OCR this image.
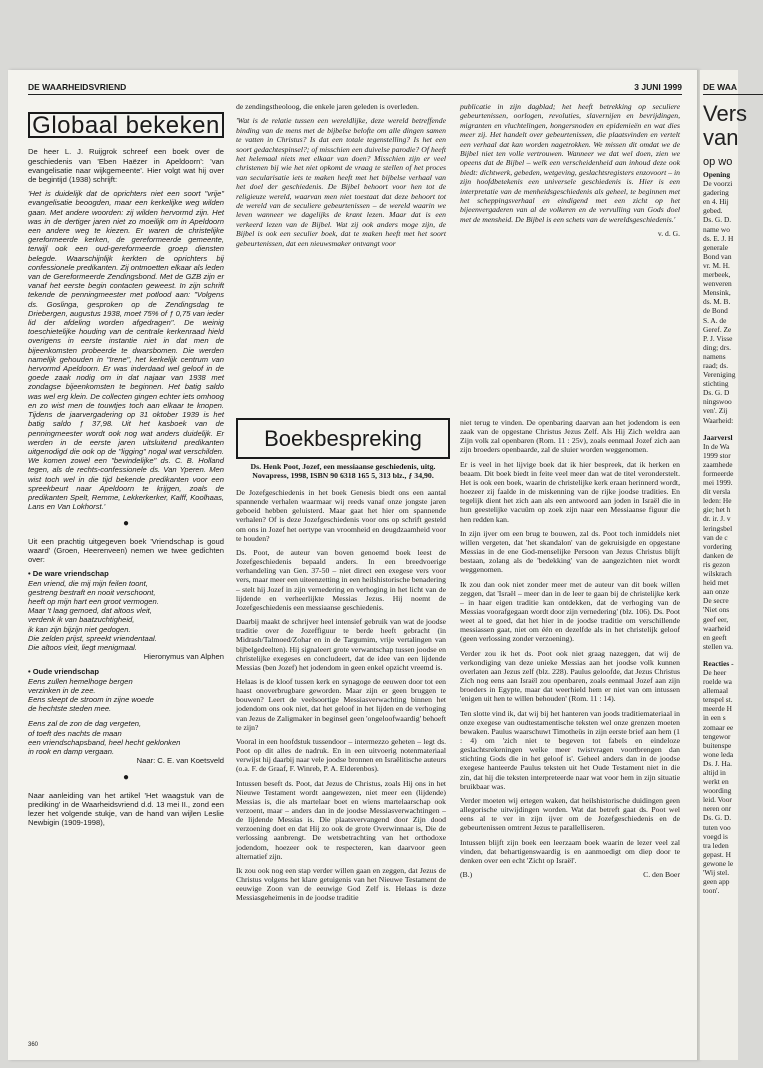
DE WAARHEIDSVRIEND	3 JUNI 1999
Globaal bekeken

De heer L. J. Ruijgrok schreef een boek over de geschiedenis van 'Eben Haëzer in Apeldoorn': 'van evangelisatie naar wijkgemeente'. Hier volgt wat hij over de begintijd (1938) schrijft:

'Het is duidelijk dat de oprichters niet een soort "vrije" evangelisatie beoogden, maar een kerkelijke weg wilden gaan. Met andere woorden: zij wilden hervormd zijn. Het was in de dertiger jaren niet zo moeilijk om in Apeldoorn een andere weg te kiezen. Er waren de christelijke gereformeerde kerken, de gereformeerde gemeente, terwijl ook een oud-gereformeerde groep diensten belegde. Waarschijnlijk kerkten de oprichters bij confessionele predikanten. Zij ontmoetten elkaar als leden van de Gereformeerde Zendingsbond. Met de GZB zijn er vanaf het eerste begin contacten geweest. In zijn schrift tekende de penningmeester met potlood aan: "Volgens ds. Goslinga, gesproken op de Zendingsdag te Driebergen, augustus 1938, moet 75% of ƒ 0,75 van ieder lid der afdeling worden afgedragen". De weinig toeschietelijke houding van de centrale kerkenraad hield overigens in eerste instantie niet in dat men de bijeenkomsten probeerde te dwarsbomen. Die werden namelijk gehouden in "Irene", het kerkelijk centrum van hervormd Apeldoorn. Er was inderdaad wel geloof in de goede zaak nodig om in dat najaar van 1938 met zondagse bijeenkomsten te beginnen. Het batig saldo was wel erg klein. De collecten gingen echter iets omhoog en zo wist men de touwtjes toch aan elkaar te knopen. Tijdens de jaarvergadering op 31 oktober 1939 is het batig saldo ƒ 37,98. Uit het kasboek van de penningmeester wordt ook nog wat anders duidelijk. Er werden in de eerste jaren uitsluitend predikanten uitgenodigd die ook op de "ligging" nogal wat verschilden. We komen zowel een "bevindelijke" ds. C. B. Holland tegen, als de rechts-confessionele ds. Van Yperen. Men wist toch wel in die tijd bekende predikanten voor een spreekbeurt naar Apeldoorn te krijgen, zoals de predikanten Spelt, Remme, Lekkerkerker, Kalff, Koolhaas, Lans en Van Lokhorst.'

●

Uit een prachtig uitgegeven boek 'Vriendschap is goud waard' (Groen, Heerenveen) nemen we twee gedichten over:

• De ware vriendschap
Een vriend, die mij mijn feilen toont,
gestreng bestraft en nooit verschoont,
heeft op mijn hart een groot vermogen.
Maar 't laag gemoed, dat altoos vleit,
verdenk ik van baatzuchtigheid,
ik kan zijn bijzijn niet gedogen.
Die zelden prijst, spreekt vriendentaal.
Die altoos vleit, liegt menigmaal.
Hieronymus van Alphen
• Oude vriendschap
Eens zullen hemelhoge bergen
verzinken in de zee.
Eens sleept de stroom in zijne woede
de hechtste steden mee.
Eens zal de zon de dag vergeten,
of toeft des nachts de maan
een vriendschapsband, heel hecht geklonken
in rook en damp vergaan.
Naar: C. E. van Koetsveld
●

Naar aanleiding van het artikel 'Het waagstuk van de prediking' in de Waarheidsvriend d.d. 13 mei II., zond een lezer het volgende stukje, van de hand van wijlen Leslie Newbigin (1909-1998),

de zendingstheoloog, die enkele jaren geleden is overleden.

'Wat is de relatie tussen een wereldlijke, deze wereld betreffende binding van de mens met de bijbelse belofte om alle dingen samen te vatten in Christus? Is dat een totale tegenstelling? Is het een soort gedachtespinsel?; of misschien een duivelse parodie? Of heeft het helemaal niets met elkaar van doen? Misschien zijn er veel christenen bij wie het niet opkomt de vraag te stellen of het proces van secularisatie iets te maken heeft met het bijbelse verhaal van het doel der geschiedenis. De Bijbel behoort voor hen tot de religieuze wereld, waarvan men niet toestaat dat deze behoort tot de wereld van de seculiere gebeurtenissen – de wereld waarin we leven wanneer we dagelijks de krant lezen. Maar dat is een verkeerd lezen van de Bijbel. Wat zij ook anders moge zijn, de Bijbel is ook een seculier boek, dat te maken heeft met het soort gebeurtenissen, dat een nieuwsmaker ontvangt voor

publicatie in zijn dagblad; het heeft betrekking op seculiere gebeurtenissen, oorlogen, revoluties, slavernijen en bevrijdingen, migranten en vluchtelingen, hongersnoden en epidemieën en wat dies meer zij. Het handelt over gebeurtenissen, die plaatsvinden en vertelt een verhaal dat kan worden nagetrokken. We missen dit omdat we de Bijbel niet ten volle vertrouwen. Wanneer we dat wel doen, zien we opeens dat de Bijbel – welk een verscheidenheid aan inhoud deze ook biedt: dichtwerk, gebeden, wetgeving, geslachtsregisters enzovoort – in zijn hoofdbetekenis een universele geschiedenis is. Hier is een interpretatie van de menheidsgeschiedenis als geheel, te beginnen met het scheppingsverhaal en eindigend met een zicht op het bijeenvergaderen van al de volkeren en de vervulling van Gods doel met de mensheid. De Bijbel is een schets van de wereldsgeschiedenis.'

v. d. G.
Boekbespreking
Ds. Henk Poot, Jozef, een messiaanse geschiedenis, uitg. Novapress, 1998, ISBN 90 6318 165 5, 313 blz., ƒ 34,90.

De Jozefgeschiedenis in het boek Genesis biedt ons een aantal spannende verhalen waarmaar wij reeds vanaf onze jongste jaren geboeid hebben geluisterd. Maar gaat het hier om spannende verhalen? Of is deze Jozefgeschiedenis voor ons op schrift gesteld om ons in Jozef het oertype van vroomheid en deugdzaamheid voor te houden?

Ds. Poot, de auteur van boven genoemd boek leest de Jozefgeschiedenis bepaald anders. In een breedvoerige verhandeling van Gen. 37-50 – niet direct een exegese vers voor vers, maar meer een uiteenzetting in een heilshistorische benadering – stelt hij Jozef in zijn vernedering en verhoging in het licht van de lijdende en verheerlijkte Messias Jezus. Hij noemt de Jozefgeschiedenis een messiaanse geschiedenis.

Daarbij maakt de schrijver heel intensief gebruik van wat de joodse traditie over de Jozeffiguur te berde heeft gebracht (in Midrash/Talmoed/Zohar en in de Targumim, vrije vertalingen van bijbelgedeelten). Hij signaleert grote verwantschap tussen joodse en christelijke exegeses en concludeert, dat de idee van een lijdende Messias (ben Jozef) het jodendom in geen enkel opzicht vreemd is.

Helaas is de kloof tussen kerk en synagoge de eeuwen door tot een haast onoverbrugbare geworden. Maar zijn er geen bruggen te bouwen? Leert de veelsoortige Messiasverwachting binnen het jodendom ons ook niet, dat het geloof in het lijden en de verhoging van Jezus de Zaligmaker in beginsel geen 'ongeloofwaardig' behoeft te zijn?

Vooral in een hoofdstuk tussendoor – intermezzo geheten – legt ds. Poot op dit alles de nadruk. En in een uitvoerig notenmateriaal verwijst hij daarbij naar vele joodse bronnen en Israëlitische auteurs (o.a. F. de Graaf, F. Winreb, P. A. Elderenbos).

Intussen beseft ds. Poot, dat Jezus de Christus, zoals Hij ons in het Nieuwe Testament wordt aangewezen, niet meer een (lijdende) Messias is, die als martelaar boet en wiens martelaarschap ook verzoent, maar – anders dan in de joodse Messiasverwachtingen – de lijdende Messias is. Die plaatsvervangend door Zijn dood verzoening doet en dat Hij zo ook de grote Overwinnaar is, Die de verlossing aanbrengt. De wetsbetrachting van het orthodoxe jodendom, hoezeer ook te respecteren, kan daarvoor geen alternatief zijn.

Ik zou ook nog een stap verder willen gaan en zeggen, dat Jezus de Christus volgens het klare getuigenis van het Nieuwe Testament de eeuwige Zoon van de eeuwige God Zelf is. Helaas is deze Messiasgeheimenis in de joodse traditie

niet terug te vinden. De openbaring daarvan aan het jodendom is een zaak van de opgestane Christus Jezus Zelf. Als Hij Zich weldra aan Zijn volk zal openbaren (Rom. 11 : 25v), zoals eenmaal Jozef zich aan zijn broeders openbaarde, zal de sluier worden weggenomen.

Er is veel in het lijvige boek dat ik hier bespreek, dat ik herken en beaam. Dit boek biedt in feite veel meer dan wat de titel veronderstelt. Het is ook een boek, waarin de christelijke kerk eraan herinnerd wordt, hoezeer zij faalde in de miskenning van de rijke joodse tradities. En tegelijk dient het zich aan als een antwoord aan joden in Israël die in hun geestelijke vacuüm op zoek zijn naar een Messiaanse figuur die hen redden kan.

In zijn ijver om een brug te bouwen, zal ds. Poot toch inmiddels niet willen vergeten, dat 'het skandalon' van de gekruisigde en opgestane Messias in de ene God-menselijke Persoon van Jezus Christus blijft bestaan, zolang als de 'bedekking' van de aangezichten niet wordt weggenomen.

Ik zou dan ook niet zonder meer met de auteur van dit boek willen zeggen, dat 'Israël – meer dan in de leer te gaan bij de christelijke kerk – in haar eigen traditie kan ontdekken, dat de verhoging van de Messias voorafgegaan wordt door zijn vernedering' (blz. 106). Ds. Poot weet al te goed, dat het hier in de joodse traditie om verschillende messiassen gaat, niet om één en dezelfde als in het christelijk geloof (geen verlossing zonder verzoening).

Verder zou ik het ds. Poot ook niet graag nazeggen, dat wij de verkondiging van deze unieke Messias aan het joodse volk kunnen overlaten aan Jezus zelf (blz. 228). Paulus geloofde, dat Jezus Christus Zich nog eens aan Israël zou openbaren, zoals eenmaal Jozef aan zijn broeders in Egypte, maar dat weerhield hem er niet van om intussen 'enigen uit hen te willen behouden' (Rom. 11 : 14).

Ten slotte vind ik, dat wij bij het hanteren van joods traditiemateriaal in onze exegese van oudtestamentische teksten wel onze grenzen moeten bewaken. Paulus waarschuwt Timotheüs in zijn eerste brief aan hem (1 : 4) om 'zich niet te begeven tot fabels en eindeloze geslachtsrekeningen welke meer twistvragen voortbrengen dan stichting Gods die in het geloof is'. Geheel anders dan in de joodse exegese hanteerde Paulus teksten uit het Oude Testament niet in die zin, dat hij die teksten interpreteerde naar wat voor hem in zijn situatie bruikbaar was.

Verder moeten wij ertegen waken, dat heilshistorische duidingen geen allegorische uitwijdingen worden. Wat dat betreft gaat ds. Poot wel eens al te ver in zijn ijver om de Jozefgeschiedenis en de gebeurtenissen omtrent Jezus te parallelliseren.

Intussen blijft zijn boek een leerzaam boek waarin de lezer veel zal vinden, dat behartigenswaardig is en aanmoedigt om diep door te denken over een echt 'Zicht op Israël'.

(B.)	C. den Boer
360
DE WAA
Vers
van
op wo
Opening
De voorzi
gadering
en 4. Hij
gebed.
Ds. G. D.
name wo
ds. E. J. H
generale
Bond van
vr. M. H.
merbeek,
wenveren
Mensink,
ds. M. B.
de Bond
S. A. de
Geref. Ze
P. J. Visse
ding; drs.
namens
raad; ds.
Vereniging
stichting
Ds. G. D
ningswoo
ven'. Zij
Waarheid:
Jaarversl
In de Wa
1999 stor
zaamhede
formeerde
mei 1999.
dit versla
leden: He
gie; het h
dr. ir. J. v
leringsbel
van de c
vordering
danken de
ris gezon
wilskrach
heid met
aan onze
De secre
'Niet ons
geef eer,
waarheid
en geeft
stellen va.
Reacties -
De heer
roelde wa
allemaal
tenspel st.
meerde H
in een s
zomaar ee
tengewor
buitenspe
wone leda
Ds. J. Ha.
altijd in
werkt en
woording
leid. Voor
neren onr
Ds. G. D.
tuten voo
voegd is
tra leden
gepast. H
gewone le
'Wij stel.
geen app
toon'.
